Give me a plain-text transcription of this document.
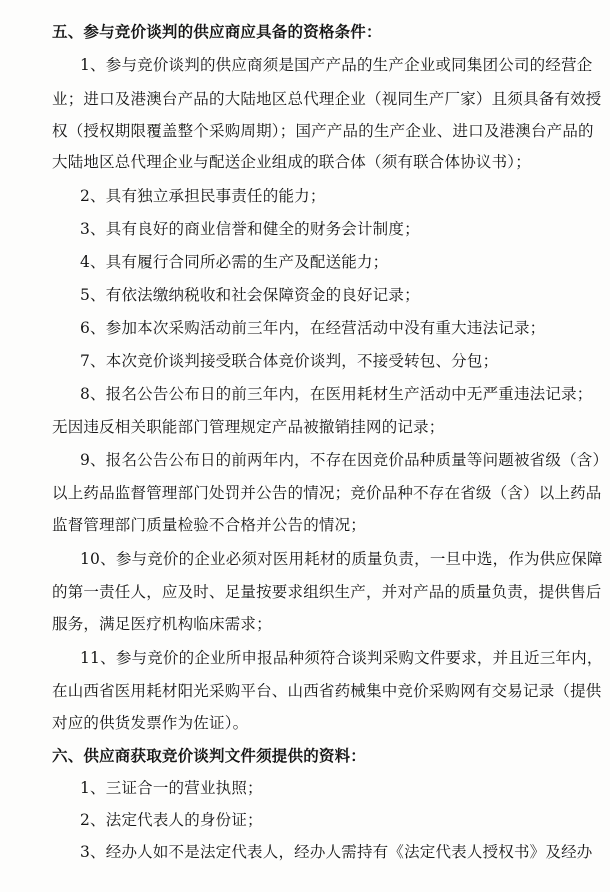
五、参与竞价谈判的供应商应具备的资格条件：
1、参与竞价谈判的供应商须是国产产品的生产企业或同集团公司的经营企
业；进口及港澳台产品的大陆地区总代理企业（视同生产厂家）且须具备有效授
权（授权期限覆盖整个采购周期）；国产产品的生产企业、进口及港澳台产品的
大陆地区总代理企业与配送企业组成的联合体（须有联合体协议书）；
2、具有独立承担民事责任的能力；
3、具有良好的商业信誉和健全的财务会计制度；
4、具有履行合同所必需的生产及配送能力；
5、有依法缴纳税收和社会保障资金的良好记录；
6、参加本次采购活动前三年内，在经营活动中没有重大违法记录；
7、本次竞价谈判接受联合体竞价谈判，不接受转包、分包；
8、报名公告公布日的前三年内，在医用耗材生产活动中无严重违法记录；
无因违反相关职能部门管理规定产品被撤销挂网的记录；
9、报名公告公布日的前两年内，不存在因竞价品种质量等问题被省级（含）
以上药品监督管理部门处罚并公告的情况；竞价品种不存在省级（含）以上药品
监督管理部门质量检验不合格并公告的情况；
10、参与竞价的企业必须对医用耗材的质量负责，一旦中选，作为供应保障
的第一责任人，应及时、足量按要求组织生产，并对产品的质量负责，提供售后
服务，满足医疗机构临床需求；
11、参与竞价的企业所申报品种须符合谈判采购文件要求，并且近三年内，
在山西省医用耗材阳光采购平台、山西省药械集中竞价采购网有交易记录（提供
对应的供货发票作为佐证）。
六、供应商获取竞价谈判文件须提供的资料：
1、三证合一的营业执照；
2、法定代表人的身份证；
3、经办人如不是法定代表人，经办人需持有《法定代表人授权书》及经办
